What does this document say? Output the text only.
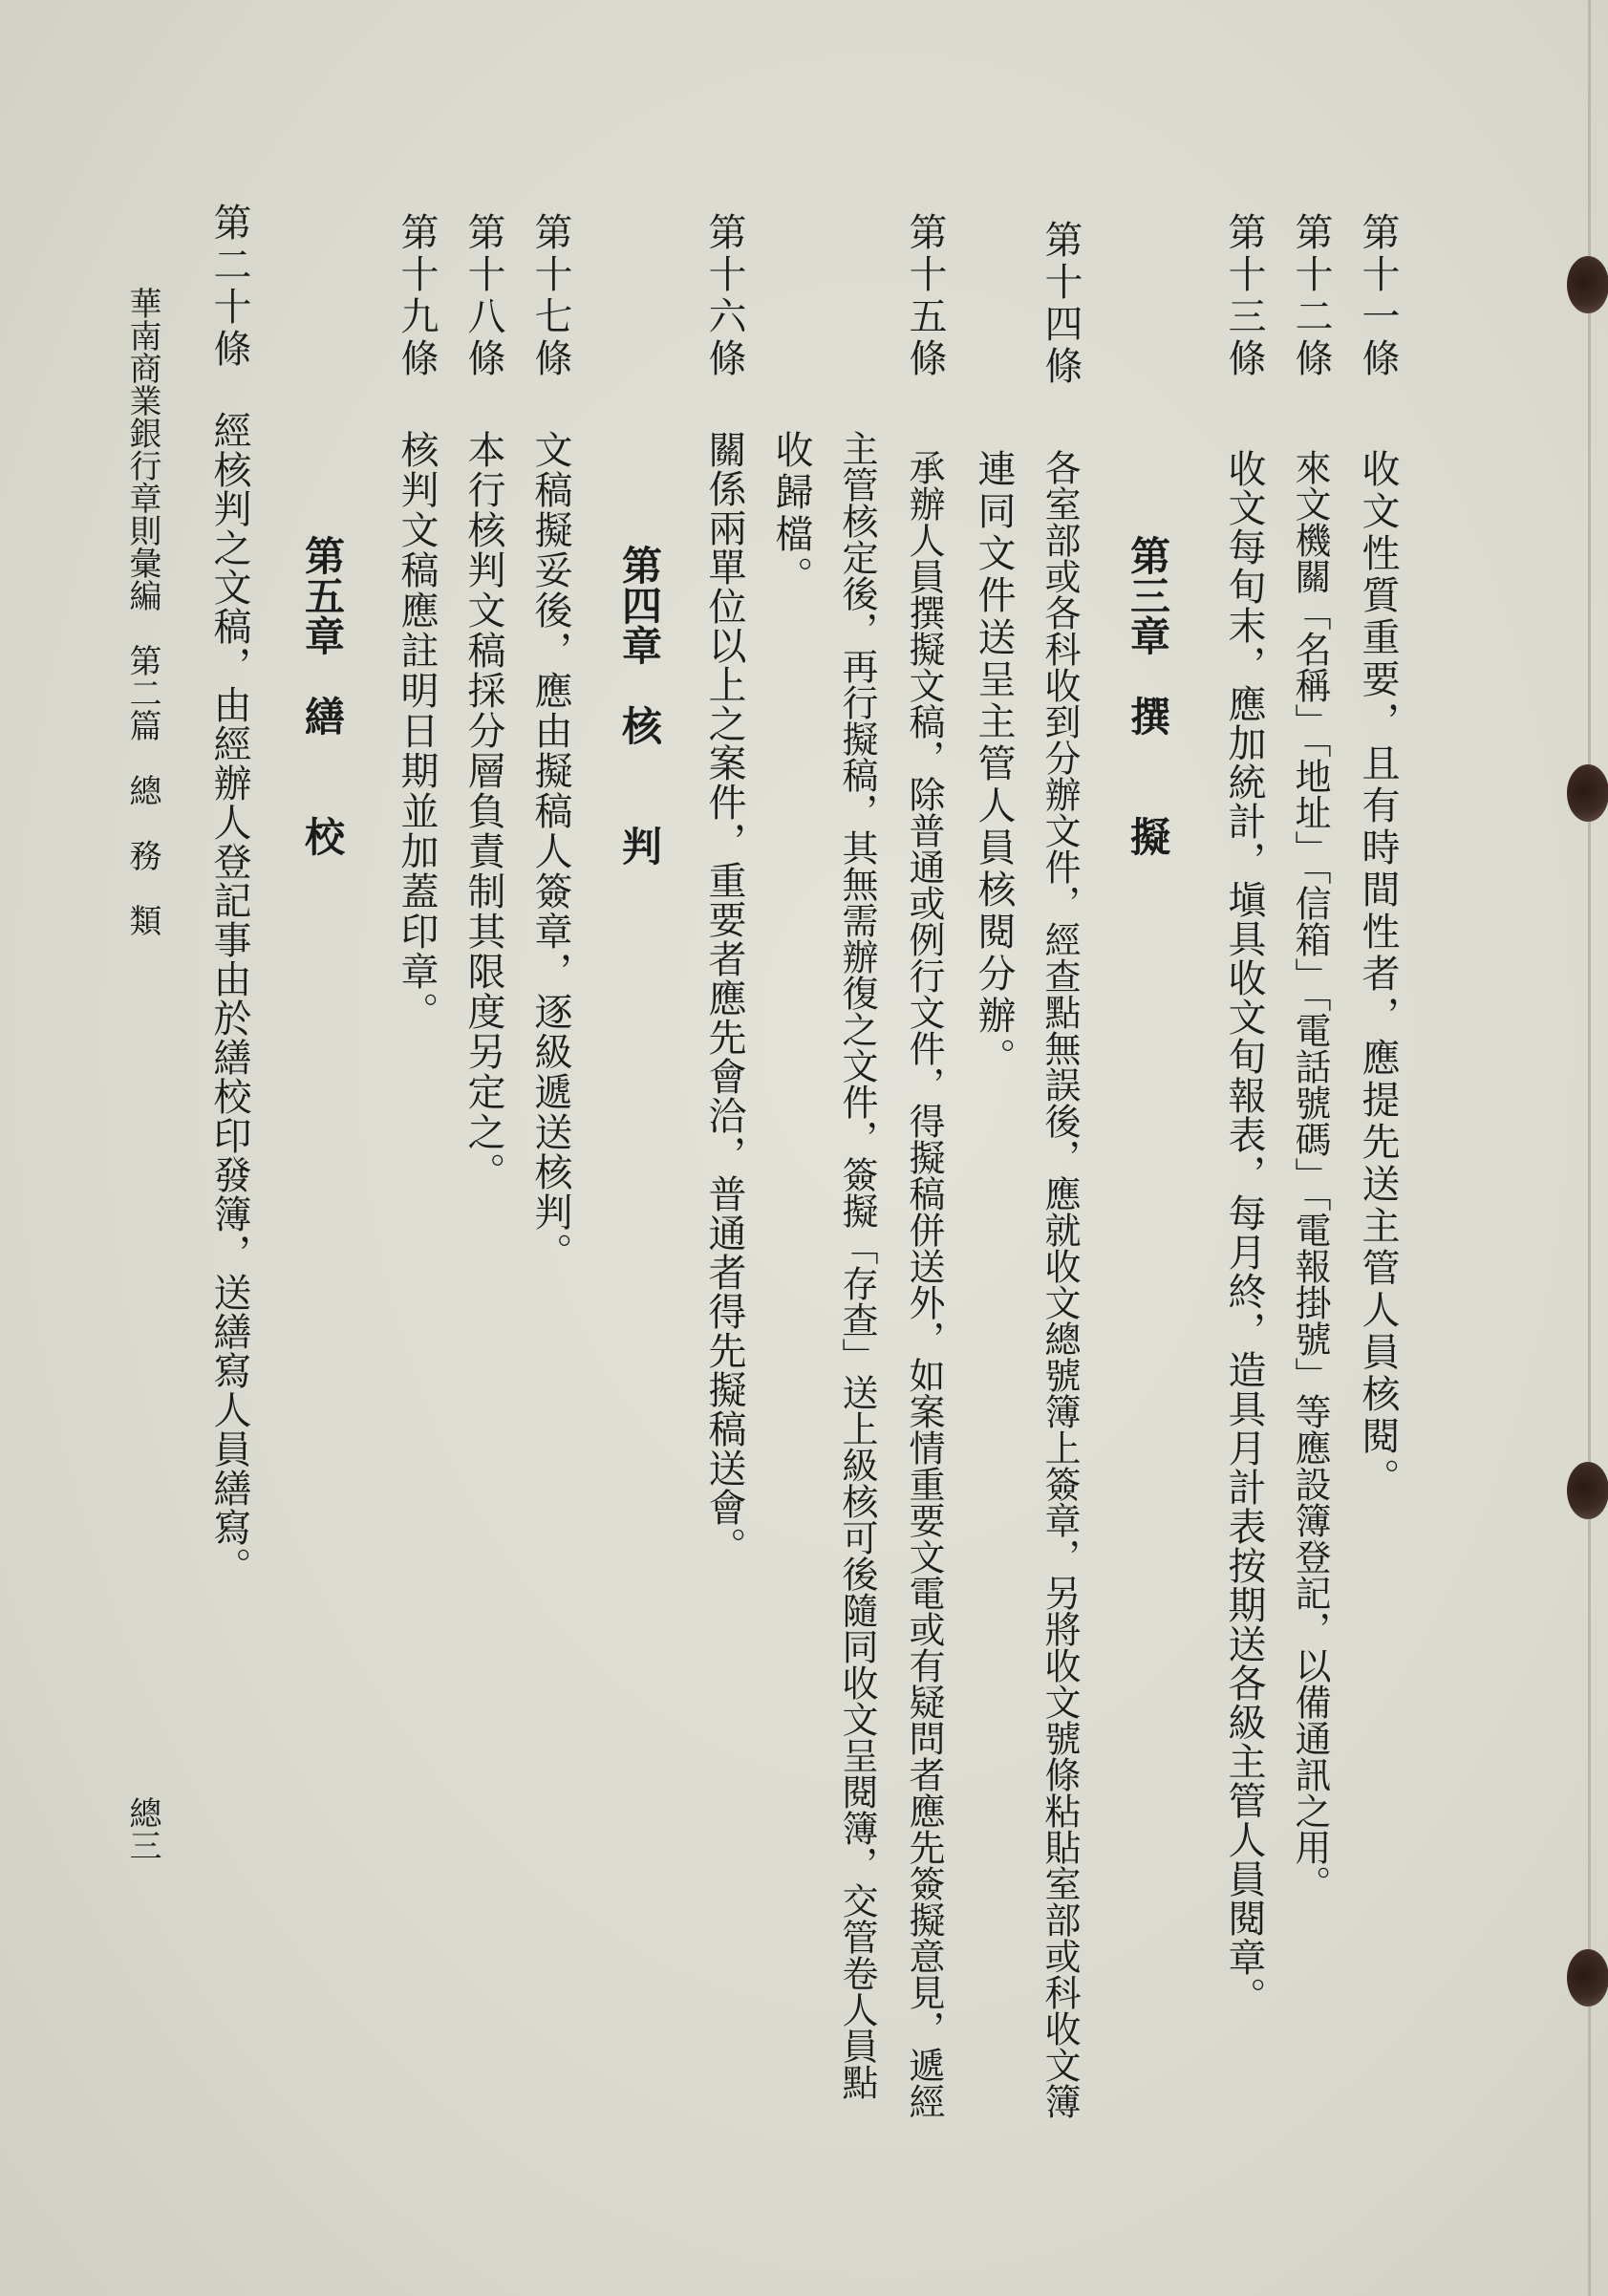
第十一條
收文性質重要，且有時間性者，應提先送主管人員核閱。
第十二條
來文機關「名稱」「地址」「信箱」「電話號碼」「電報掛號」等應設簿登記，以備通訊之用。
第十三條
收文每旬末，應加統計，塡具收文旬報表，每月終，造具月計表按期送各級主管人員閱章。
第三章　撰　　擬
第十四條
各室部或各科收到分辦文件，經查點無誤後，應就收文總號簿上簽章，另將收文號條粘貼室部或科收文簿
連同文件送呈主管人員核閱分辦。
第十五條
承辦人員撰擬文稿，除普通或例行文件，得擬稿併送外，如案情重要文電或有疑問者應先簽擬意見，遞經
主管核定後，再行擬稿，其無需辦復之文件，簽擬「存查」送上級核可後隨同收文呈閱簿，交管卷人員點
收歸檔。
第十六條
關係兩單位以上之案件，重要者應先會洽，普通者得先擬稿送會。
第四章　核　　判
第十七條
文稿擬妥後，應由擬稿人簽章，逐級遞送核判。
第十八條
本行核判文稿採分層負責制其限度另定之。
第十九條
核判文稿應註明日期並加蓋印章。
第五章　繕　　校
第二十條
經核判之文稿，由經辦人登記事由於繕校印發簿，送繕寫人員繕寫。
華南商業銀行章則彙編　第二篇　總　務　類
總三
